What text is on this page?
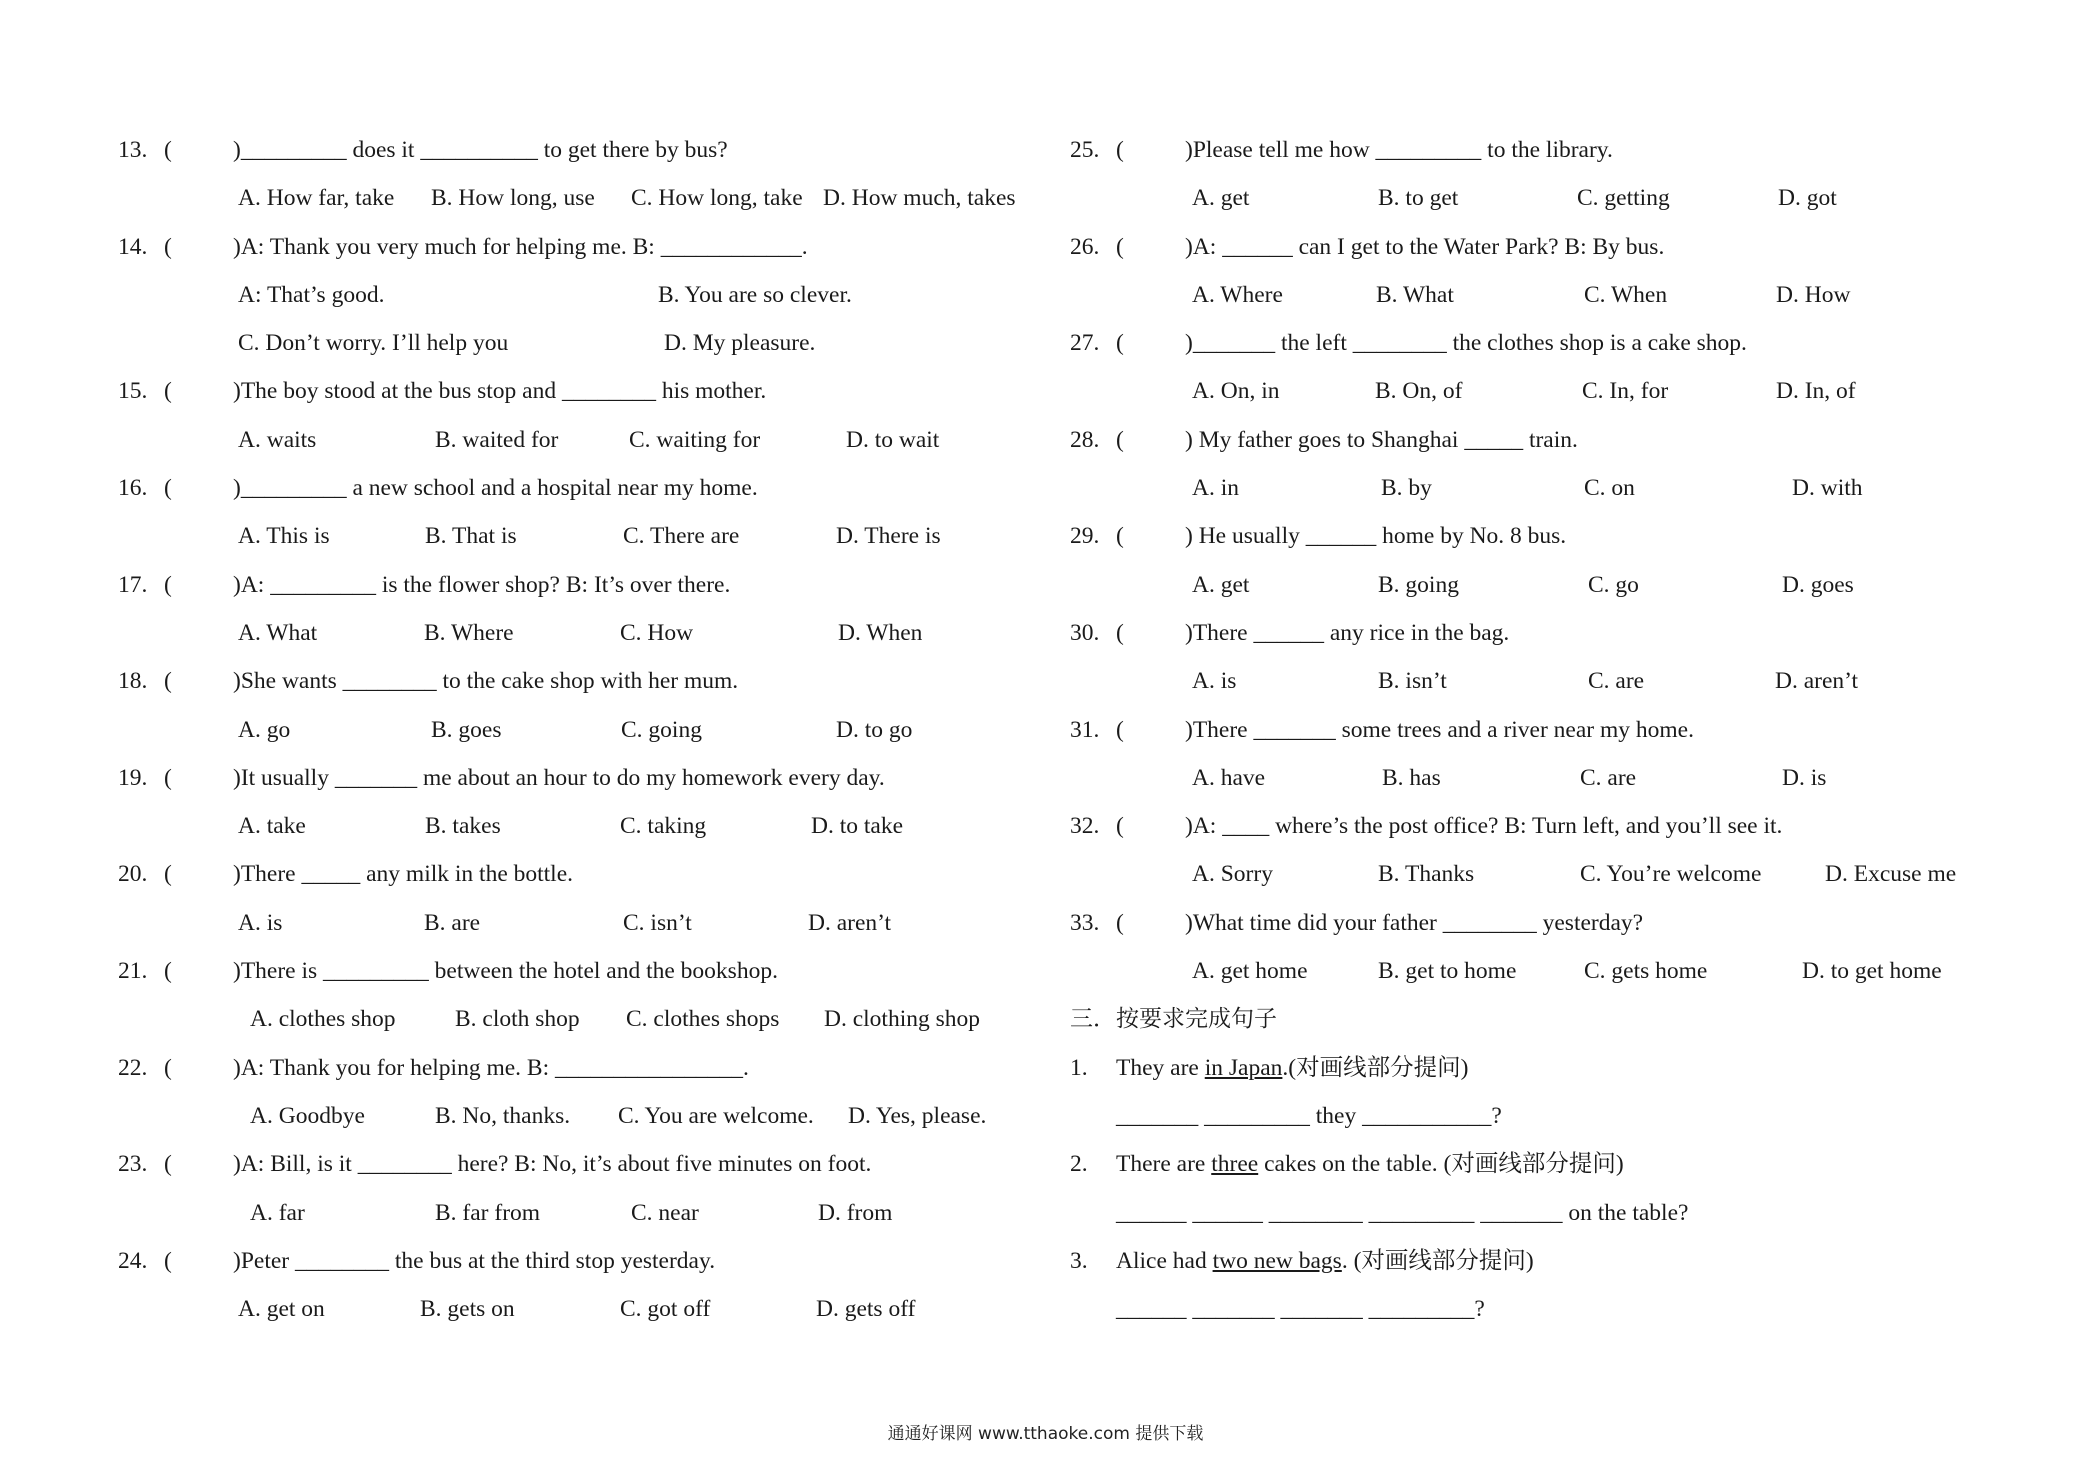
13. (	)_________ does it __________ to get there by bus?
A. How far, take B. How long, use C. How long, take D. How much, takes
14. (	)A: Thank you very much for helping me. B: ____________.
A: That’s good.	B. You are so clever.
C. Don’t worry. I’ll help you	D. My pleasure.
15. (	)The boy stood at the bus stop and ________ his mother.
A. waits	B. waited for	C. waiting for	D. to wait
16. (	)_________ a new school and a hospital near my home.
A. This is	B. That is	C. There are	D. There is
17. (	)A: _________ is the flower shop? B: It’s over there.
A. What	B. Where	C. How	D. When
18. (	)She wants ________ to the cake shop with her mum.
A. go	B. goes	C. going	D. to go
19. (	)It usually _______ me about an hour to do my homework every day.
A. take	B. takes	C. taking	D. to take
20. (	)There _____ any milk in the bottle.
A. is	B. are	C. isn’t	D. aren’t
21. (	)There is _________ between the hotel and the bookshop.
A. clothes shop	B. cloth shop C. clothes shops D. clothing shop
22. (	)A: Thank you for helping me. B: ________________.
A. Goodbye	B. No, thanks. C. You are welcome. D. Yes, please.
23. (	)A: Bill, is it ________ here? B: No, it’s about five minutes on foot.
A. far	B. far from	C. near	D. from
24. (	)Peter ________ the bus at the third stop yesterday.
A. get on	B. gets on	C. got off	D. gets off
25. (	)Please tell me how _________ to the library.
A. get	B. to get	C. getting	D. got
26. (	)A: ______ can I get to the Water Park? B: By bus.
A. Where	B. What	C. When	D. How
27. (	)_______ the left ________ the clothes shop is a cake shop.
A. On, in	B. On, of	C. In, for	D. In, of
28. (	) My father goes to Shanghai _____ train.
A. in	B. by	C. on	D. with
29. (	) He usually ______ home by No. 8 bus.
A. get	B. going	C. go	D. goes
30. (	)There ______ any rice in the bag.
A. is	B. isn’t	C. are	D. aren’t
31. (	)There _______ some trees and a river near my home.
A. have	B. has	C. are	D. is
32. (	)A: ____ where’s the post office? B: Turn left, and you’ll see it.
A. Sorry	B. Thanks	C. You’re welcome	D. Excuse me
33. (	)What time did your father ________ yesterday?
A. get home	B. get to home	C. gets home	D. to get home
三．按要求完成句子
1. They are in Japan.(对画线部分提问)
_______ _________ they ___________?
2. There are three cakes on the table. (对画线部分提问)
______ ______ ________ _________ _______ on the table?
3. Alice had two new bags. (对画线部分提问)
______ _______ _______ _________?
通通好课网 www.tthaoke.com 提供下载
